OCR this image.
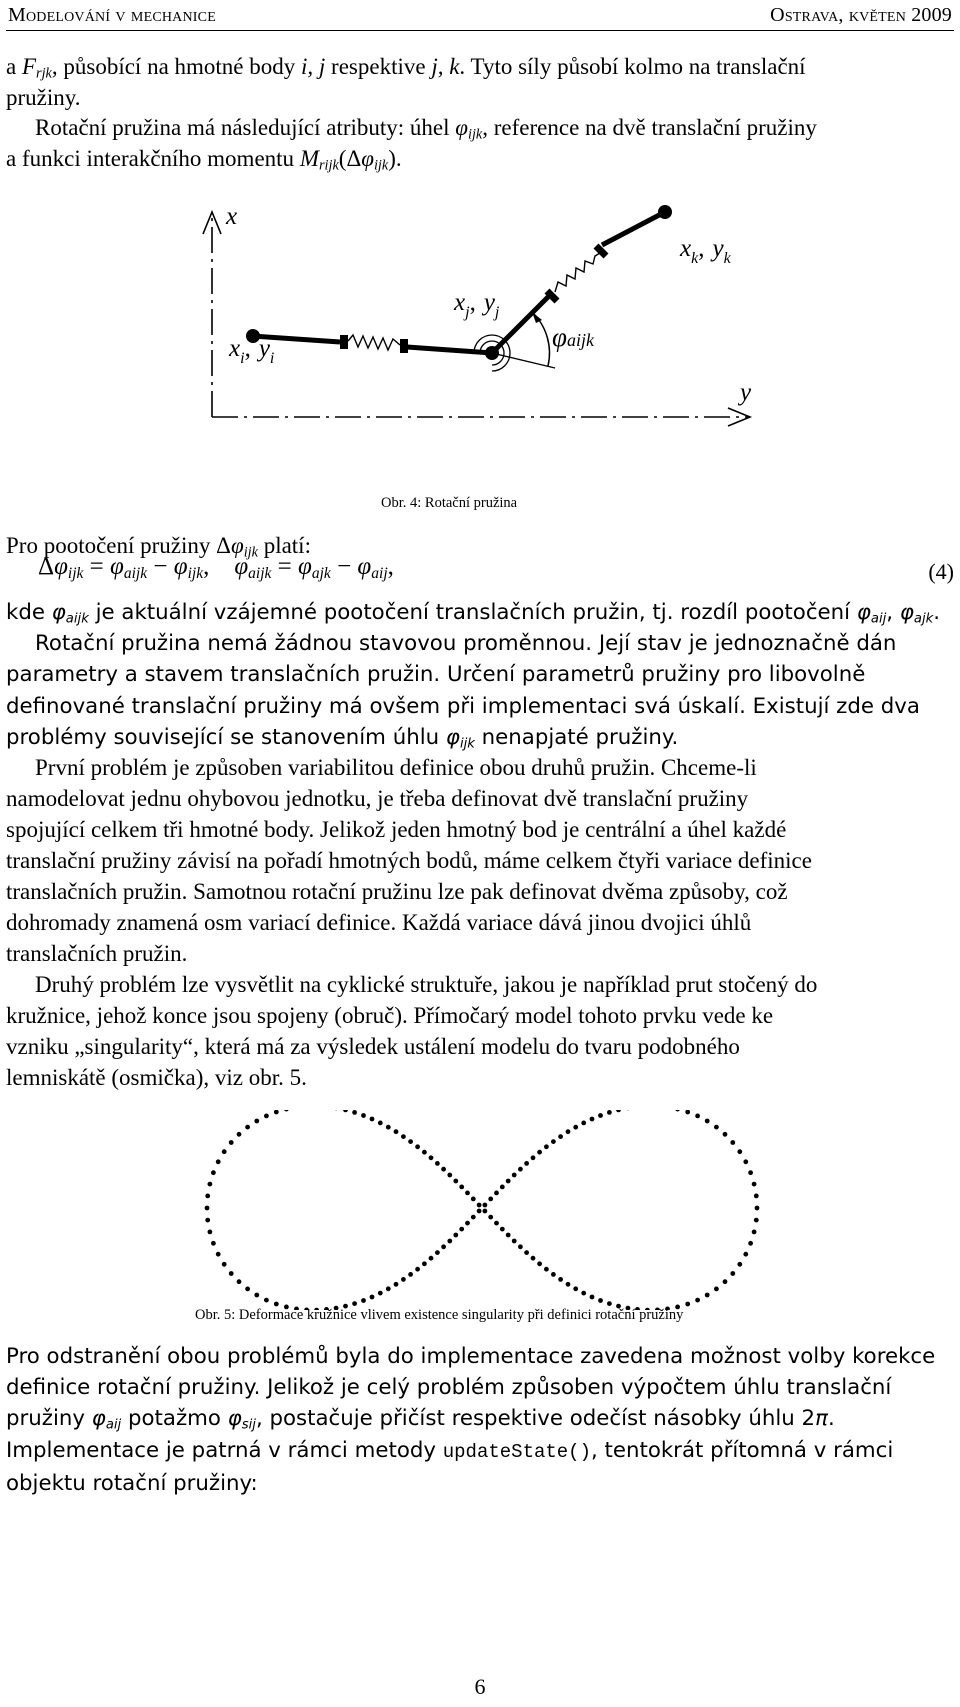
Modelování v mechanice	Ostrava, květen 2009
a $F_{rjk}$, působící na hmotné body i, j respektive j, k. Tyto síly působí kolmo na translační
pružiny.
Rotační pružina má následující atributy: úhel $\varphi_{ijk}$, reference na dvě translační pružiny
a funkci interakčního momentu $M_{rijk}(\Delta\varphi_{ijk})$.
x
y
φaijk
$x_i$, $y_i$
$x_j$, $y_j$
$x_k$, $y_k$
Obr. 4: Rotační pružina
Pro pootočení pružiny $\Delta\varphi_{ijk}$ platí:
$\Delta\varphi_{ijk} = \varphi_{aijk} - \varphi_{ijk}$, $\varphi_{aijk} = \varphi_{ajk} - \varphi_{aij}$,	(4)
kde $\varphi_{aijk}$ je aktuální vzájemné pootočení translačních pružin, tj. rozdíl pootočení $\varphi_{aij}$, $\varphi_{ajk}$.
Rotační pružina nemá žádnou stavovou proměnnou. Její stav je jednoznačně dán
parametry a stavem translačních pružin. Určení parametrů pružiny pro libovolně
definované translační pružiny má ovšem při implementaci svá úskalí. Existují zde dva
problémy související se stanovením úhlu $\varphi_{ijk}$ nenapjaté pružiny.
První problém je způsoben variabilitou definice obou druhů pružin. Chceme-li
namodelovat jednu ohybovou jednotku, je třeba definovat dvě translační pružiny
spojující celkem tři hmotné body. Jelikož jeden hmotný bod je centrální a úhel každé
translační pružiny závisí na pořadí hmotných bodů, máme celkem čtyři variace definice
translačních pružin. Samotnou rotační pružinu lze pak definovat dvěma způsoby, což
dohromady znamená osm variací definice. Každá variace dává jinou dvojici úhlů
translačních pružin.
Druhý problém lze vysvětlit na cyklické struktuře, jakou je například prut stočený do
kružnice, jehož konce jsou spojeny (obruč). Přímočarý model tohoto prvku vede ke
vzniku „singularity“, která má za výsledek ustálení modelu do tvaru podobného
lemniskátě (osmička), viz obr. 5.
Obr. 5: Deformace kružnice vlivem existence singularity při definici rotační pružiny
Pro odstranění obou problémů byla do implementace zavedena možnost volby korekce
definice rotační pružiny. Jelikož je celý problém způsoben výpočtem úhlu translační
pružiny $\varphi_{aij}$ potažmo $\varphi_{sij}$, postačuje přičíst respektive odečíst násobky úhlu 2π.
Implementace je patrná v rámci metody updateState(), tentokrát přítomná v rámci
objektu rotační pružiny:
6
